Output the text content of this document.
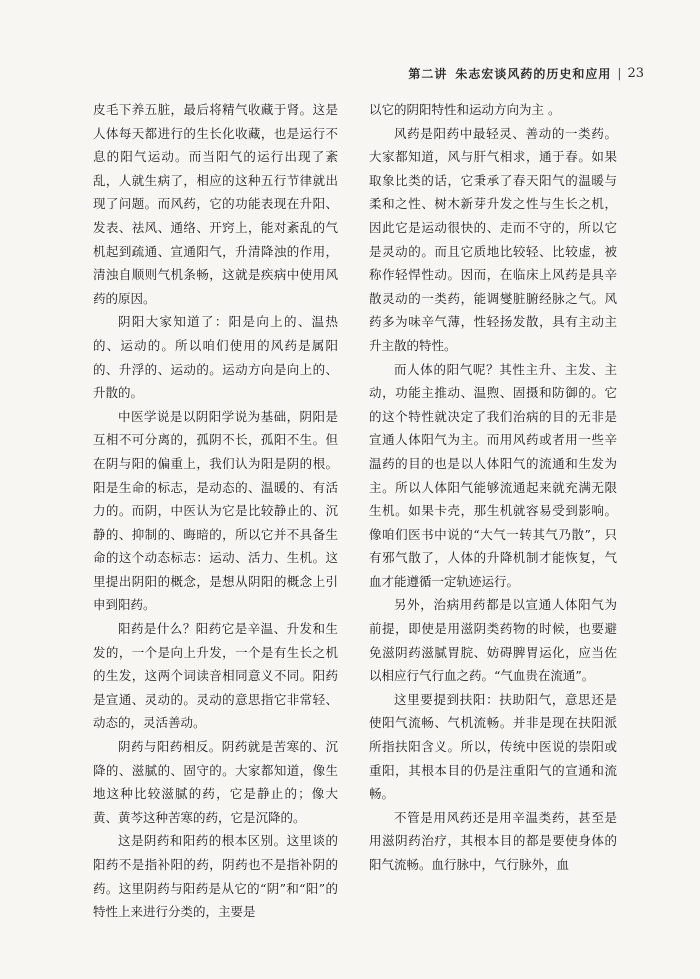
第二讲 朱志宏谈风药的历史和应用 | 23

皮毛下养五脏，最后将精气收藏于肾。这是人体每天都进行的生长化收藏，也是运行不息的阳气运动。而当阳气的运行出现了紊乱，人就生病了，相应的这种五行节律就出现了问题。而风药，它的功能表现在升阳、发表、祛风、通络、开窍上，能对紊乱的气机起到疏通、宣通阳气，升清降浊的作用，清浊自顺则气机条畅，这就是疾病中使用风药的原因。

阴阳大家知道了：阳是向上的、温热的、运动的。所以咱们使用的风药是属阳的、升浮的、运动的。运动方向是向上的、升散的。

中医学说是以阴阳学说为基础，阴阳是互相不可分离的，孤阴不长，孤阳不生。但在阴与阳的偏重上，我们认为阳是阴的根。阳是生命的标志，是动态的、温暖的、有活力的。而阴，中医认为它是比较静止的、沉静的、抑制的、晦暗的，所以它并不具备生命的这个动态标志：运动、活力、生机。这里提出阴阳的概念，是想从阴阳的概念上引申到阳药。

阳药是什么？阳药它是辛温、升发和生发的，一个是向上升发，一个是有生长之机的生发，这两个词读音相同意义不同。阳药是宣通、灵动的。灵动的意思指它非常轻、动态的，灵活善动。

阴药与阳药相反。阴药就是苦寒的、沉降的、滋腻的、固守的。大家都知道，像生地这种比较滋腻的药，它是静止的；像大黄、黄芩这种苦寒的药，它是沉降的。

这是阴药和阳药的根本区别。这里谈的阳药不是指补阳的药，阴药也不是指补阴的药。这里阴药与阳药是从它的“阴”和“阳”的特性上来进行分类的，主要是

以它的阴阳特性和运动方向为主 。

风药是阳药中最轻灵、善动的一类药。大家都知道，风与肝气相求，通于春。如果取象比类的话，它秉承了春天阳气的温暖与柔和之性、树木新芽升发之性与生长之机，因此它是运动很快的、走而不守的，所以它是灵动的。而且它质地比较轻、比较虚，被称作轻悍性动。因而，在临床上风药是具辛散灵动的一类药，能调燮脏腑经脉之气。风药多为味辛气薄，性轻扬发散，具有主动主升主散的特性。

而人体的阳气呢？其性主升、主发、主动，功能主推动、温煦、固摄和防御的。它的这个特性就决定了我们治病的目的无非是宣通人体阳气为主。而用风药或者用一些辛温药的目的也是以人体阳气的流通和生发为主。所以人体阳气能够流通起来就充满无限生机。如果卡壳，那生机就容易受到影响。像咱们医书中说的“大气一转其气乃散”，只有邪气散了，人体的升降机制才能恢复，气血才能遵循一定轨迹运行。

另外，治病用药都是以宣通人体阳气为前提，即使是用滋阴类药物的时候，也要避免滋阴药滋腻胃脘、妨碍脾胃运化，应当佐以相应行气行血之药。“气血贵在流通”。

这里要提到扶阳：扶助阳气，意思还是使阳气流畅、气机流畅。并非是现在扶阳派所指扶阳含义。所以，传统中医说的崇阳或重阳，其根本目的仍是注重阳气的宣通和流畅。

不管是用风药还是用辛温类药，甚至是用滋阴药治疗，其根本目的都是要使身体的阳气流畅。血行脉中，气行脉外，血
